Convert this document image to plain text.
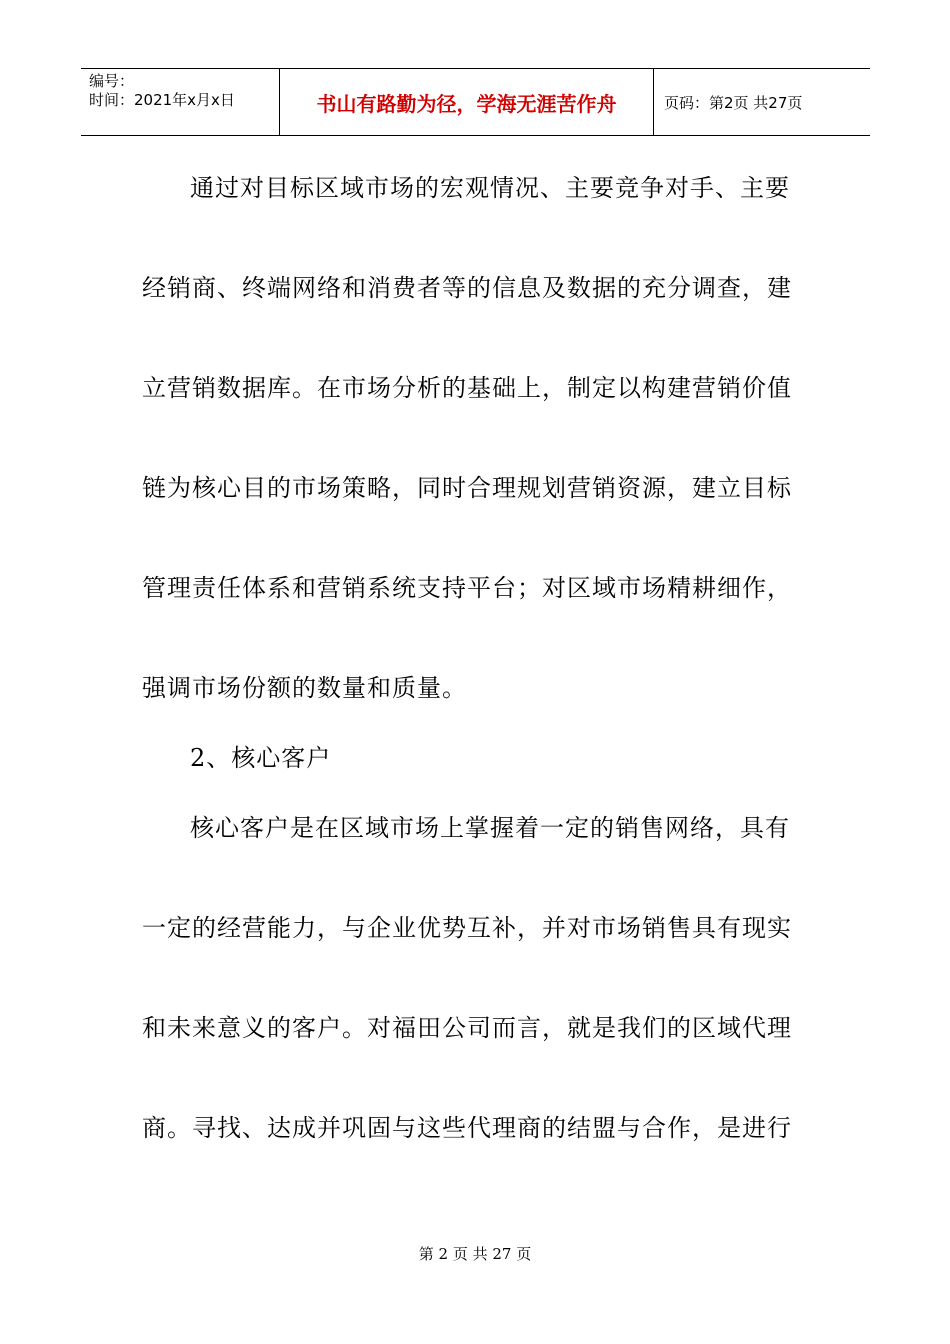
编号：
时间：2021年x月x日	书山有路勤为径，学海无涯苦作舟	页码：第2页 共27页
通过对目标区域市场的宏观情况、主要竞争对手、主要
经销商、终端网络和消费者等的信息及数据的充分调查，建
立营销数据库。在市场分析的基础上，制定以构建营销价值
链为核心目的市场策略，同时合理规划营销资源，建立目标
管理责任体系和营销系统支持平台；对区域市场精耕细作，
强调市场份额的数量和质量。
2、核心客户
核心客户是在区域市场上掌握着一定的销售网络，具有
一定的经营能力，与企业优势互补，并对市场销售具有现实
和未来意义的客户。对福田公司而言，就是我们的区域代理
商。寻找、达成并巩固与这些代理商的结盟与合作，是进行
第 2 页 共 27 页
